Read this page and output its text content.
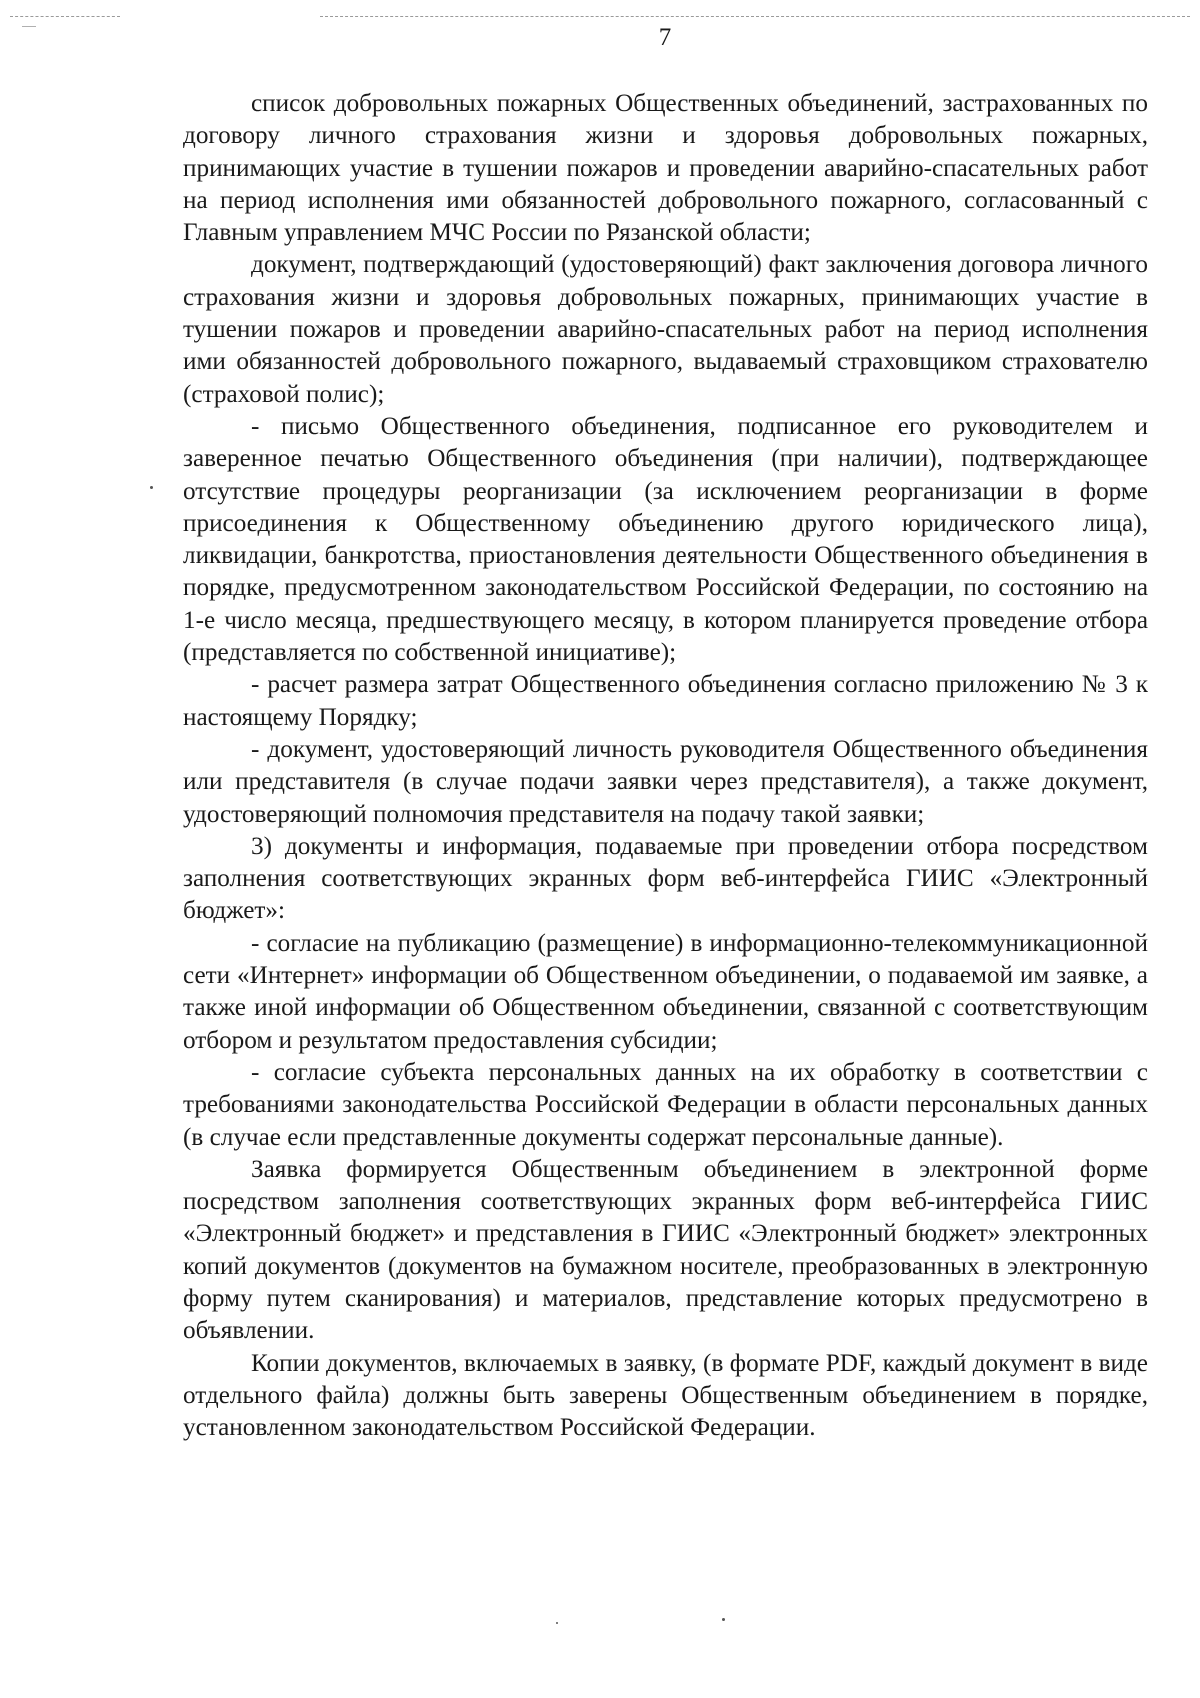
7

список добровольных пожарных Общественных объединений, застрахованных по договору личного страхования жизни и здоровья добровольных пожарных, принимающих участие в тушении пожаров и проведении аварийно-спасательных работ на период исполнения ими обязанностей добровольного пожарного, согласованный с Главным управлением МЧС России по Рязанской области;

документ, подтверждающий (удостоверяющий) факт заключения договора личного страхования жизни и здоровья добровольных пожарных, принимающих участие в тушении пожаров и проведении аварийно-спасательных работ на период исполнения ими обязанностей добровольного пожарного, выдаваемый страховщиком страхователю (страховой полис);

- письмо Общественного объединения, подписанное его руководителем и заверенное печатью Общественного объединения (при наличии), подтверждающее отсутствие процедуры реорганизации (за исключением реорганизации в форме присоединения к Общественному объединению другого юридического лица), ликвидации, банкротства, приостановления деятельности Общественного объединения в порядке, предусмотренном законодательством Российской Федерации, по состоянию на 1-е число месяца, предшествующего месяцу, в котором планируется проведение отбора (представляется по собственной инициативе);

- расчет размера затрат Общественного объединения согласно приложению № 3 к настоящему Порядку;

- документ, удостоверяющий личность руководителя Общественного объединения или представителя (в случае подачи заявки через представителя), а также документ, удостоверяющий полномочия представителя на подачу такой заявки;

3) документы и информация, подаваемые при проведении отбора посредством заполнения соответствующих экранных форм веб-интерфейса ГИИС «Электронный бюджет»:

- согласие на публикацию (размещение) в информационно-телекоммуникационной сети «Интернет» информации об Общественном объединении, о подаваемой им заявке, а также иной информации об Общественном объединении, связанной с соответствующим отбором и результатом предоставления субсидии;

- согласие субъекта персональных данных на их обработку в соответствии с требованиями законодательства Российской Федерации в области персональных данных (в случае если представленные документы содержат персональные данные).

Заявка формируется Общественным объединением в электронной форме посредством заполнения соответствующих экранных форм веб-интерфейса ГИИС «Электронный бюджет» и представления в ГИИС «Электронный бюджет» электронных копий документов (документов на бумажном носителе, преобразованных в электронную форму путем сканирования) и материалов, представление которых предусмотрено в объявлении.

Копии документов, включаемых в заявку, (в формате PDF, каждый документ в виде отдельного файла) должны быть заверены Общественным объединением в порядке, установленном законодательством Российской Федерации.
